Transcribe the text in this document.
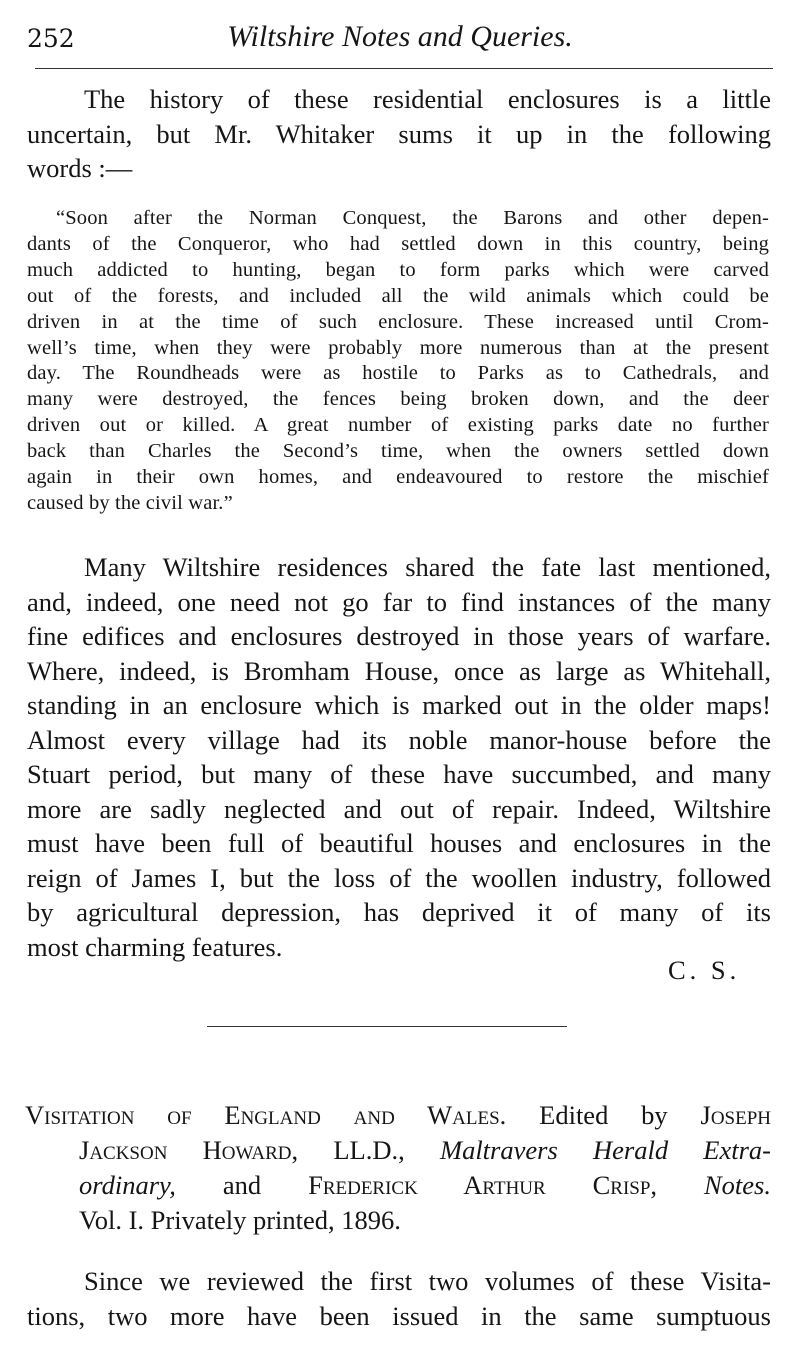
252	Wiltshire Notes and Queries.

The history of these residential enclosures is a little
uncertain, but Mr. Whitaker sums it up in the following
words :—

“Soon after the Norman Conquest, the Barons and other depen-
dants of the Conqueror, who had settled down in this country, being
much addicted to hunting, began to form parks which were carved
out of the forests, and included all the wild animals which could be
driven in at the time of such enclosure. These increased until Crom-
well’s time, when they were probably more numerous than at the present
day. The Roundheads were as hostile to Parks as to Cathedrals, and
many were destroyed, the fences being broken down, and the deer
driven out or killed. A great number of existing parks date no further
back than Charles the Second’s time, when the owners settled down
again in their own homes, and endeavoured to restore the mischief
caused by the civil war.”

Many Wiltshire residences shared the fate last mentioned,
and, indeed, one need not go far to find instances of the many
fine edifices and enclosures destroyed in those years of warfare.
Where, indeed, is Bromham House, once as large as Whitehall,
standing in an enclosure which is marked out in the older maps!
Almost every village had its noble manor-house before the
Stuart period, but many of these have succumbed, and many
more are sadly neglected and out of repair. Indeed, Wiltshire
must have been full of beautiful houses and enclosures in the
reign of James I, but the loss of the woollen industry, followed
by agricultural depression, has deprived it of many of its
most charming features.

C. S.

Visitation of England and Wales. Edited by Joseph
Jackson Howard, LL.D., Maltravers Herald Extra-
ordinary, and Frederick Arthur Crisp, Notes.
Vol. I. Privately printed, 1896.

Since we reviewed the first two volumes of these Visita-
tions, two more have been issued in the same sumptuous
